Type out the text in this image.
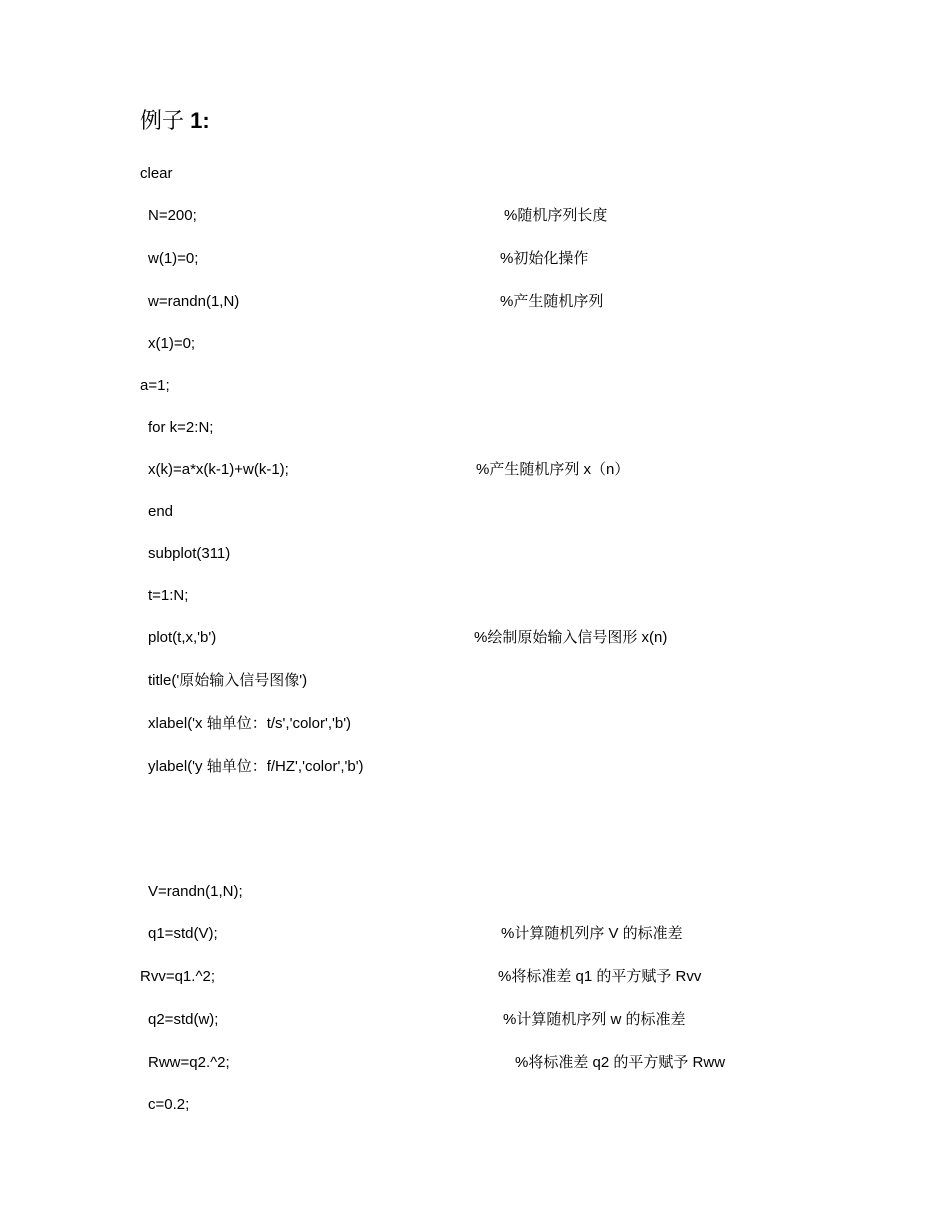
例子 1:
clear
N=200;	%随机序列长度
w(1)=0;	%初始化操作
w=randn(1,N)	%产生随机序列
x(1)=0;
a=1;
for k=2:N;
x(k)=a*x(k-1)+w(k-1);	%产生随机序列 x（n）
end
subplot(311)
t=1:N;
plot(t,x,'b')	%绘制原始输入信号图形 x(n)
title('原始输入信号图像')
xlabel('x 轴单位：t/s','color','b')
ylabel('y 轴单位：f/HZ','color','b')
V=randn(1,N);
q1=std(V);	%计算随机列序 V 的标准差
Rvv=q1.^2;	%将标准差 q1 的平方赋予 Rvv
q2=std(w);	%计算随机序列 w 的标准差
Rww=q2.^2;	%将标准差 q2 的平方赋予 Rww
c=0.2;
